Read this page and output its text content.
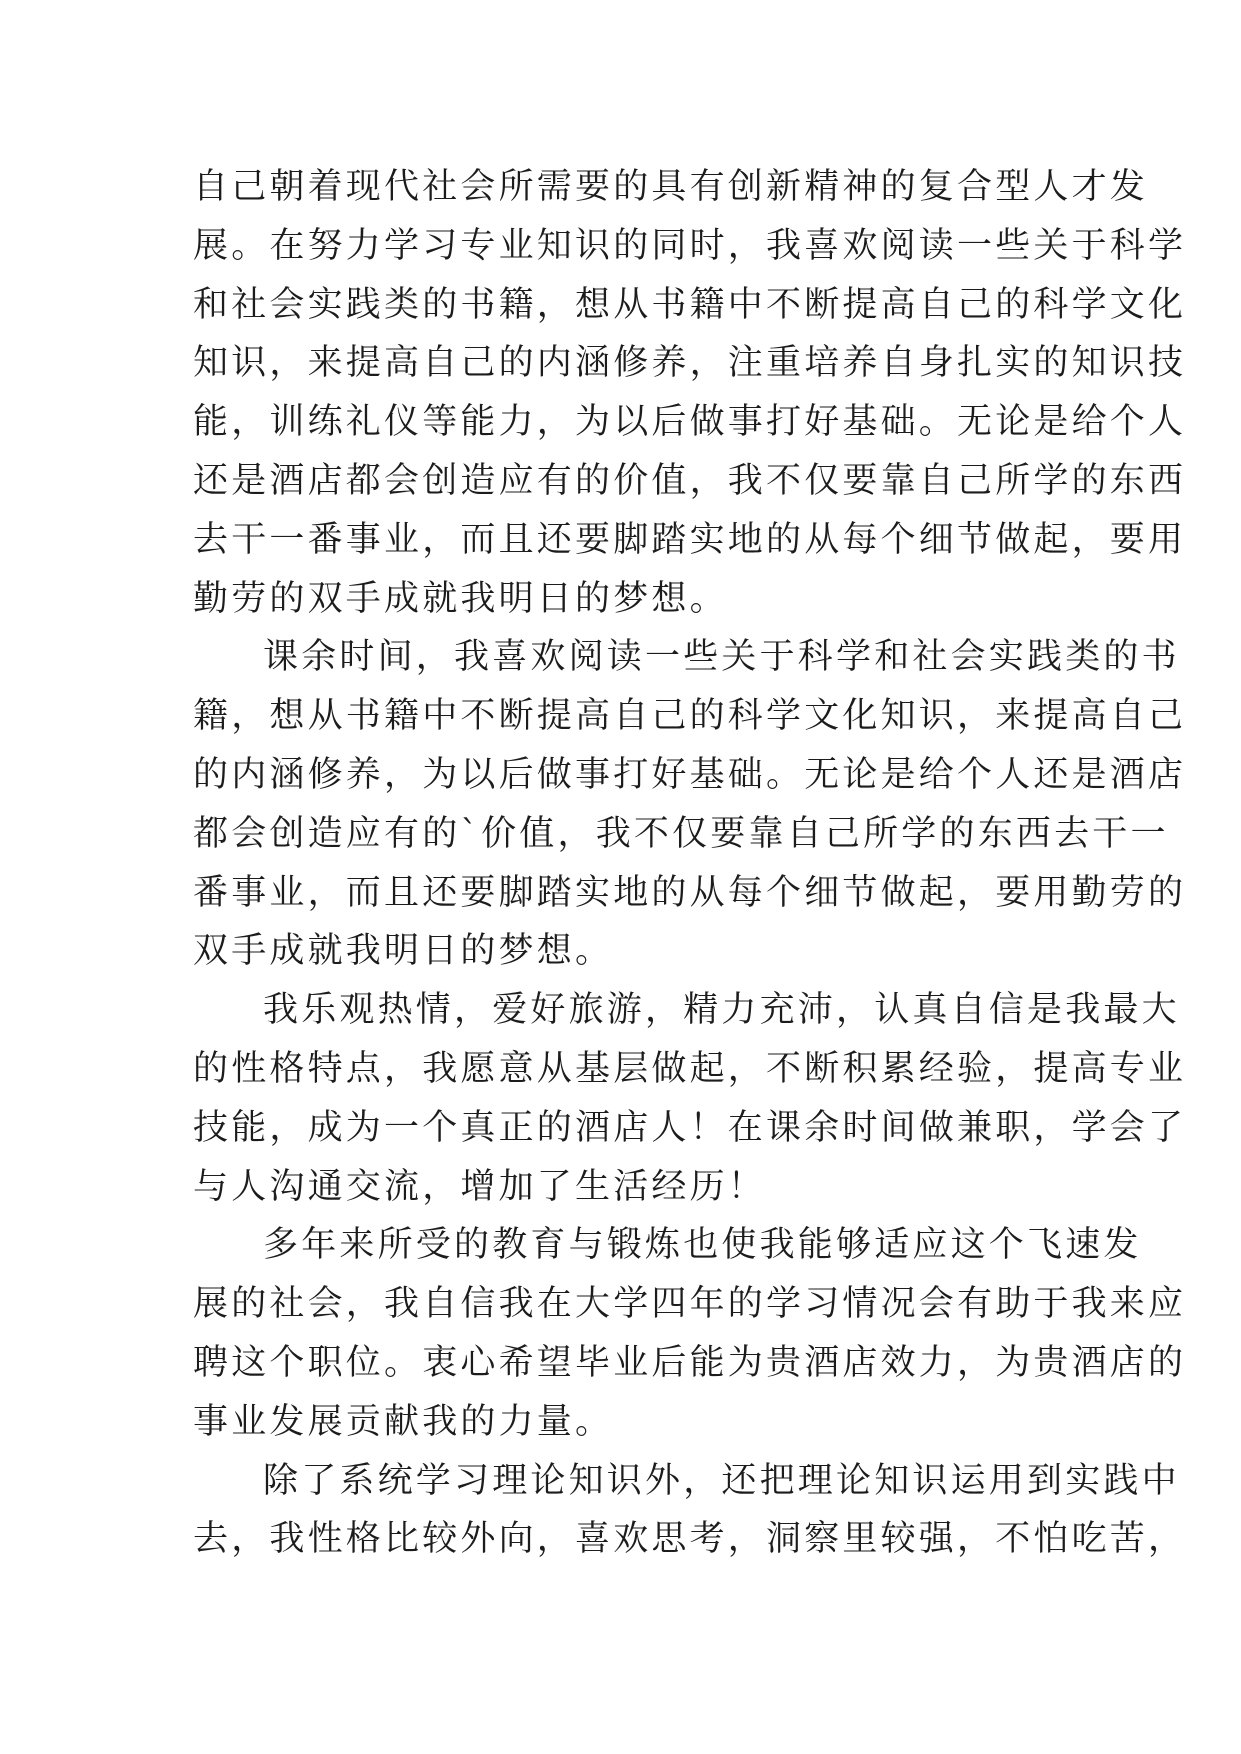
自己朝着现代社会所需要的具有创新精神的复合型人才发
展。在努力学习专业知识的同时，我喜欢阅读一些关于科学
和社会实践类的书籍，想从书籍中不断提高自己的科学文化
知识，来提高自己的内涵修养，注重培养自身扎实的知识技
能，训练礼仪等能力，为以后做事打好基础。无论是给个人
还是酒店都会创造应有的价值，我不仅要靠自己所学的东西
去干一番事业，而且还要脚踏实地的从每个细节做起，要用
勤劳的双手成就我明日的梦想。
课余时间，我喜欢阅读一些关于科学和社会实践类的书
籍，想从书籍中不断提高自己的科学文化知识，来提高自己
的内涵修养，为以后做事打好基础。无论是给个人还是酒店
都会创造应有的`价值，我不仅要靠自己所学的东西去干一
番事业，而且还要脚踏实地的从每个细节做起，要用勤劳的
双手成就我明日的梦想。
我乐观热情，爱好旅游，精力充沛，认真自信是我最大
的性格特点，我愿意从基层做起，不断积累经验，提高专业
技能，成为一个真正的酒店人！在课余时间做兼职，学会了
与人沟通交流，增加了生活经历！
多年来所受的教育与锻炼也使我能够适应这个飞速发
展的社会，我自信我在大学四年的学习情况会有助于我来应
聘这个职位。衷心希望毕业后能为贵酒店效力，为贵酒店的
事业发展贡献我的力量。
除了系统学习理论知识外，还把理论知识运用到实践中
去，我性格比较外向，喜欢思考，洞察里较强，不怕吃苦，
